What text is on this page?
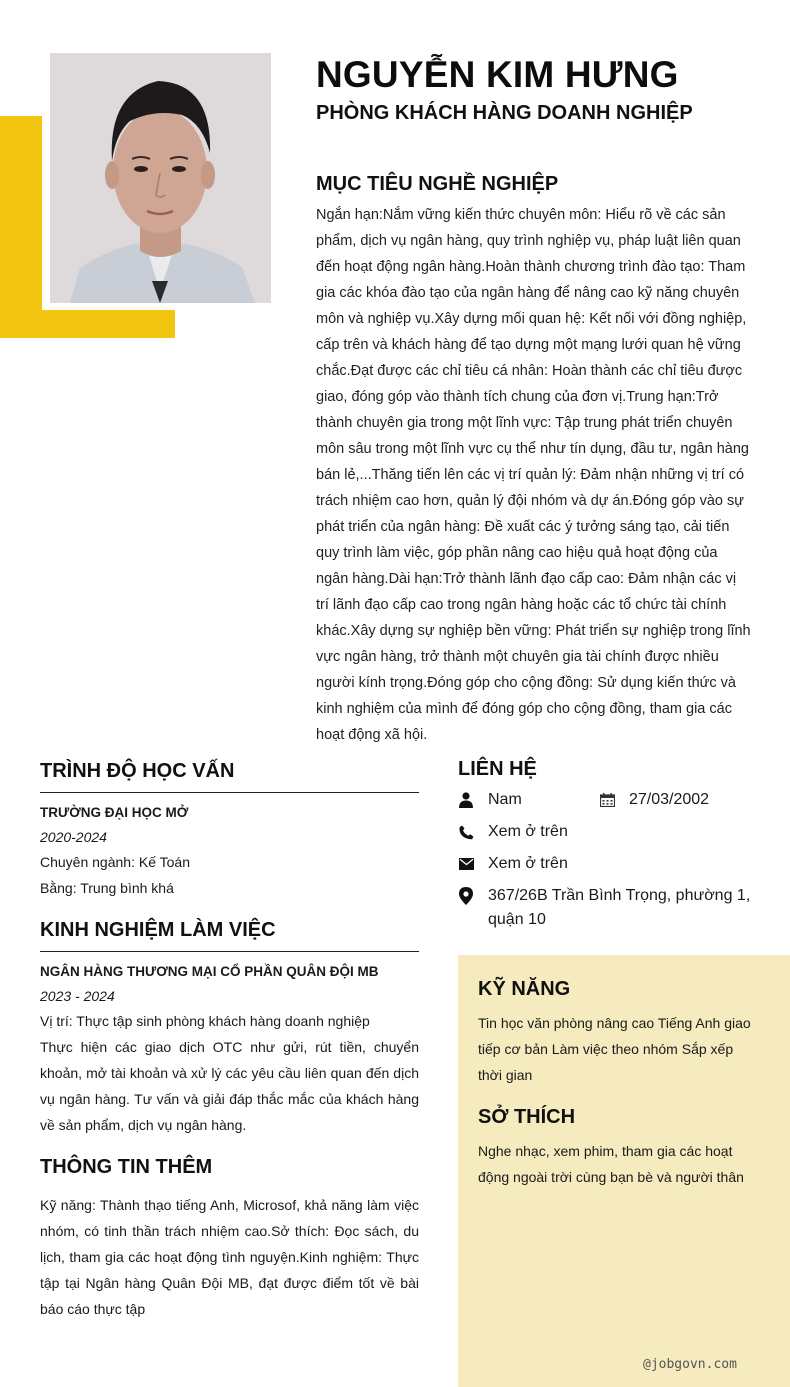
NGUYỄN KIM HƯNG
PHÒNG KHÁCH HÀNG DOANH NGHIỆP
MỤC TIÊU NGHỀ NGHIỆP
Ngắn hạn:Nắm vững kiến thức chuyên môn: Hiểu rõ về các sản phẩm, dịch vụ ngân hàng, quy trình nghiệp vụ, pháp luật liên quan đến hoạt động ngân hàng.Hoàn thành chương trình đào tạo: Tham gia các khóa đào tạo của ngân hàng để nâng cao kỹ năng chuyên môn và nghiệp vụ.Xây dựng mối quan hệ: Kết nối với đồng nghiệp, cấp trên và khách hàng để tạo dựng một mạng lưới quan hệ vững chắc.Đạt được các chỉ tiêu cá nhân: Hoàn thành các chỉ tiêu được giao, đóng góp vào thành tích chung của đơn vị.Trung hạn:Trở thành chuyên gia trong một lĩnh vực: Tập trung phát triển chuyên môn sâu trong một lĩnh vực cụ thể như tín dụng, đầu tư, ngân hàng bán lẻ,...Thăng tiến lên các vị trí quản lý: Đảm nhận những vị trí có trách nhiệm cao hơn, quản lý đội nhóm và dự án.Đóng góp vào sự phát triển của ngân hàng: Đề xuất các ý tưởng sáng tạo, cải tiến quy trình làm việc, góp phần nâng cao hiệu quả hoạt động của ngân hàng.Dài hạn:Trở thành lãnh đạo cấp cao: Đảm nhận các vị trí lãnh đạo cấp cao trong ngân hàng hoặc các tổ chức tài chính khác.Xây dựng sự nghiệp bền vững: Phát triển sự nghiệp trong lĩnh vực ngân hàng, trở thành một chuyên gia tài chính được nhiều người kính trọng.Đóng góp cho cộng đồng: Sử dụng kiến thức và kinh nghiệm của mình để đóng góp cho cộng đồng, tham gia các hoạt động xã hội.
TRÌNH ĐỘ HỌC VẤN
TRƯỜNG ĐẠI HỌC MỞ
2020-2024
Chuyên ngành: Kế Toán
Bằng: Trung bình khá
KINH NGHIỆM LÀM VIỆC
NGÂN HÀNG THƯƠNG MẠI CỔ PHẦN QUÂN ĐỘI MB
2023 - 2024
Vị trí: Thực tập sinh phòng khách hàng doanh nghiệp
Thực hiện các giao dịch OTC như gửi, rút tiền, chuyển khoản, mở tài khoản và xử lý các yêu cầu liên quan đến dịch vụ ngân hàng. Tư vấn và giải đáp thắc mắc của khách hàng về sản phẩm, dịch vụ ngân hàng.
THÔNG TIN THÊM
Kỹ năng: Thành thạo tiếng Anh, Microsof, khả năng làm việc nhóm, có tinh thần trách nhiệm cao.Sở thích: Đọc sách, du lịch, tham gia các hoạt động tình nguyện.Kinh nghiệm: Thực tập tại Ngân hàng Quân Đội MB, đạt được điểm tốt về bài báo cáo thực tập
LIÊN HỆ
Nam	27/03/2002
Xem ở trên
Xem ở trên
367/26B Trần Bình Trọng, phường 1, quận 10
KỸ NĂNG
Tin học văn phòng nâng cao Tiếng Anh giao tiếp cơ bản Làm việc theo nhóm Sắp xếp thời gian
SỞ THÍCH
Nghe nhạc, xem phim, tham gia các hoạt động ngoài trời cùng bạn bè và người thân
@jobgovn.com
